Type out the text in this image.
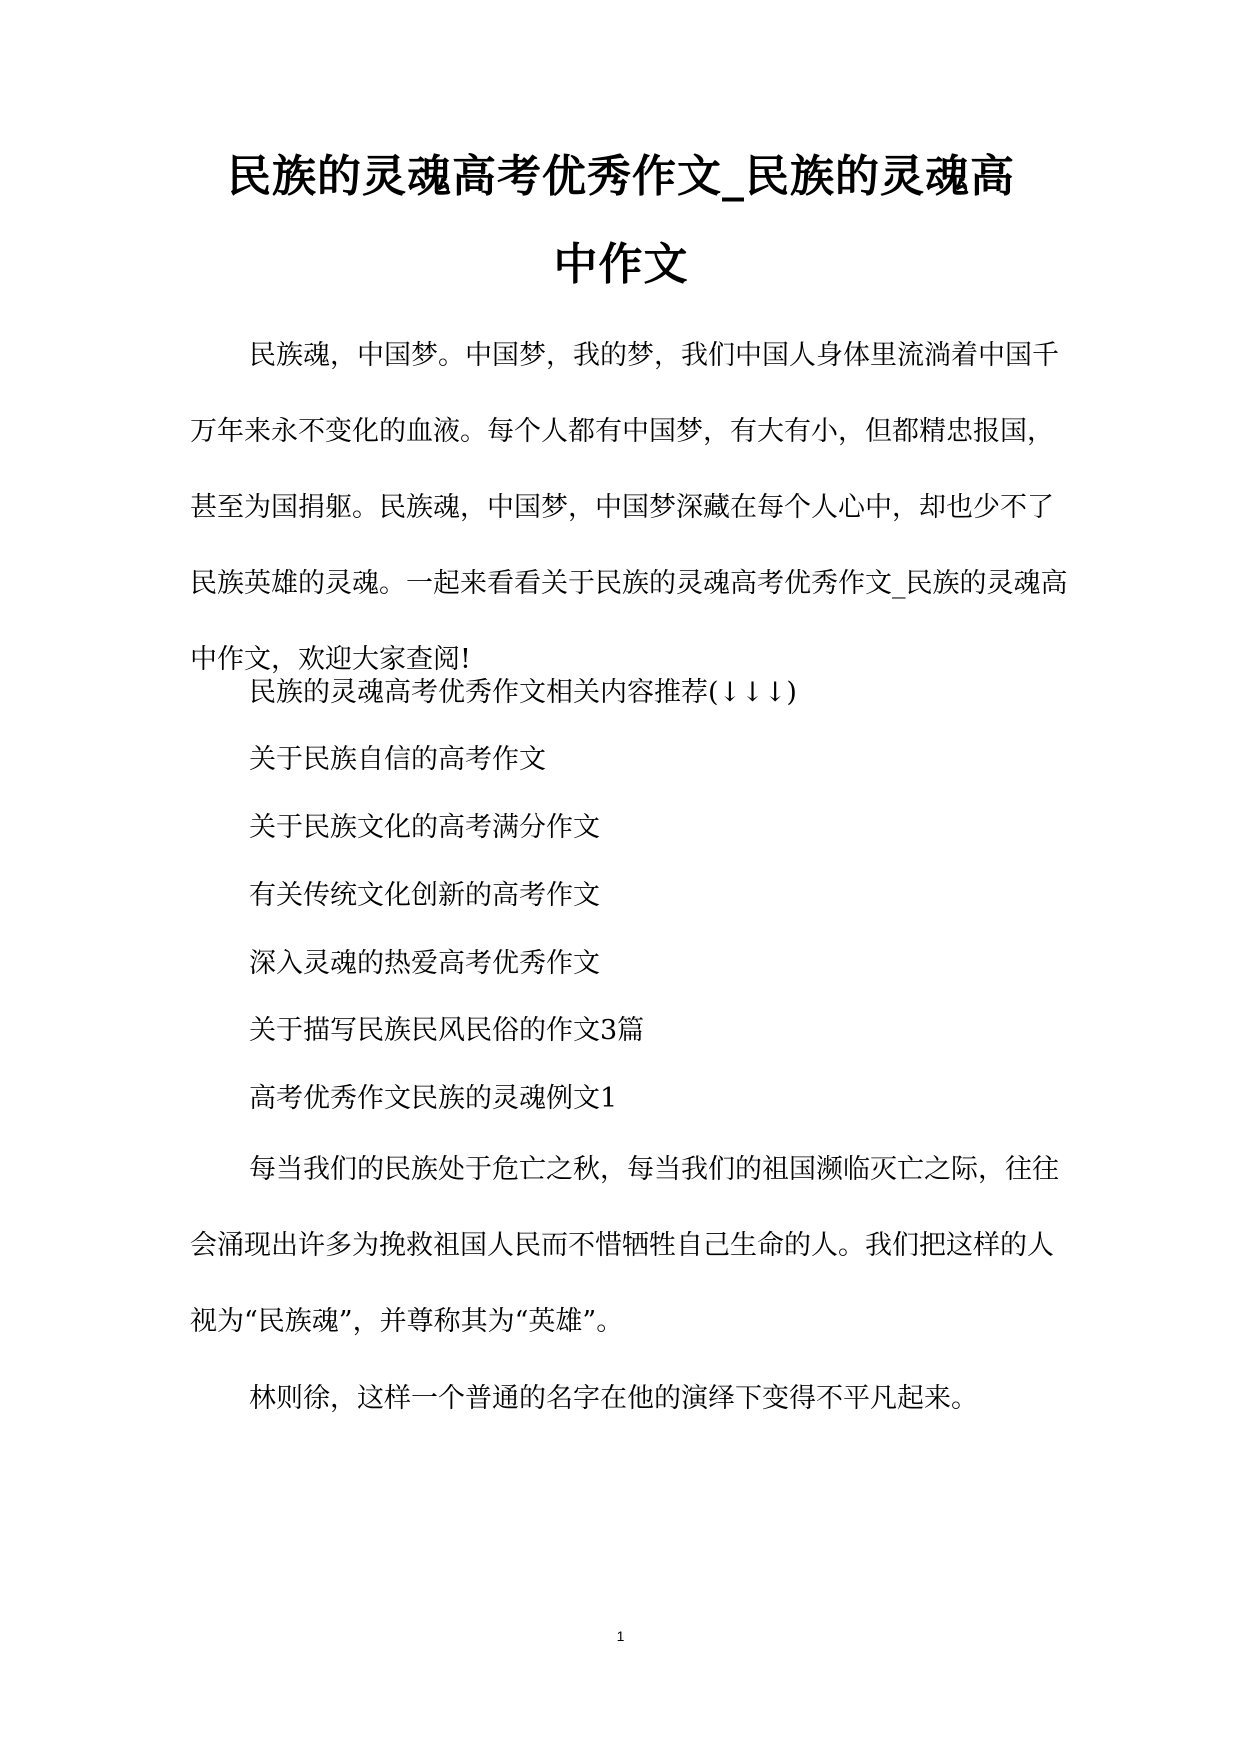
民族的灵魂高考优秀作文_民族的灵魂高
中作文

民族魂，中国梦。中国梦，我的梦，我们中国人身体里流淌着中国千万年来永不变化的血液。每个人都有中国梦，有大有小，但都精忠报国，甚至为国捐躯。民族魂，中国梦，中国梦深藏在每个人心中，却也少不了民族英雄的灵魂。一起来看看关于民族的灵魂高考优秀作文_民族的灵魂高中作文，欢迎大家查阅!

民族的灵魂高考优秀作文相关内容推荐(↓↓↓)
关于民族自信的高考作文
关于民族文化的高考满分作文
有关传统文化创新的高考作文
深入灵魂的热爱高考优秀作文
关于描写民族民风民俗的作文3篇
高考优秀作文民族的灵魂例文1

每当我们的民族处于危亡之秋，每当我们的祖国濒临灭亡之际，往往会涌现出许多为挽救祖国人民而不惜牺牲自己生命的人。我们把这样的人视为“民族魂”，并尊称其为“英雄”。

林则徐，这样一个普通的名字在他的演绎下变得不平凡起来。

1
